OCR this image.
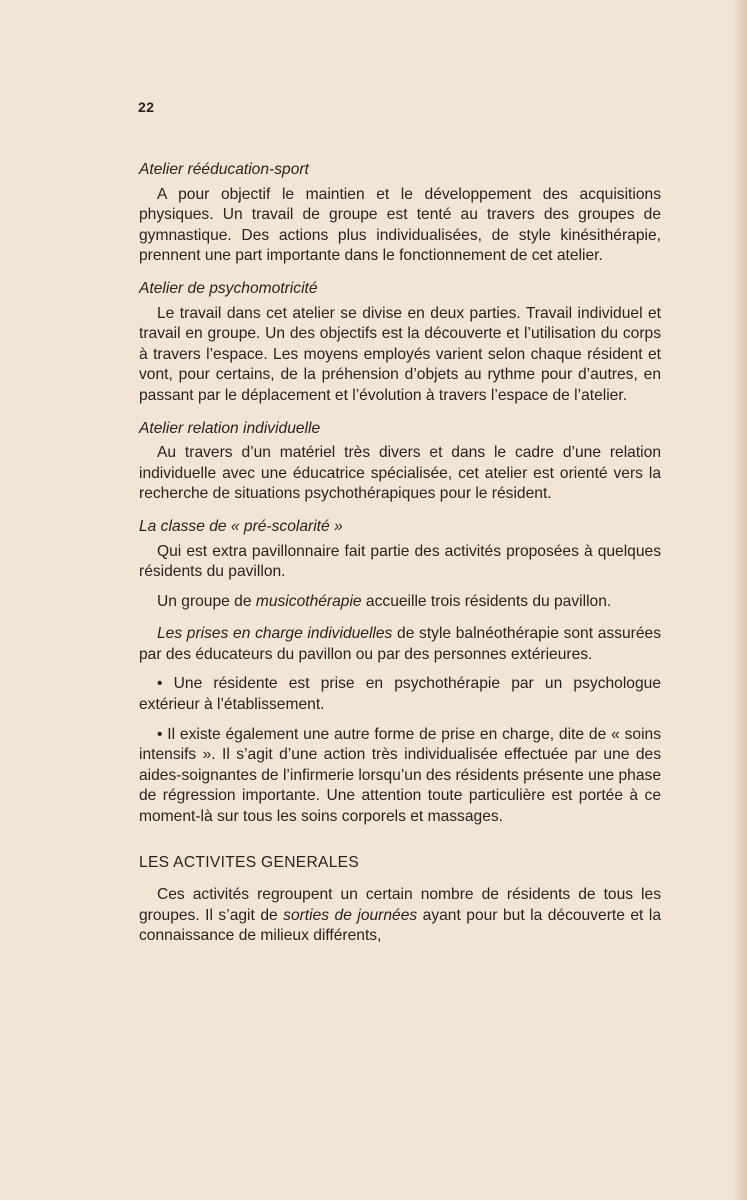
22
Atelier rééducation-sport

A pour objectif le maintien et le développement des acquisitions physiques. Un travail de groupe est tenté au travers des groupes de gymnastique. Des actions plus individualisées, de style kinésithérapie, prennent une part importante dans le fonctionnement de cet atelier.

Atelier de psychomotricité

Le travail dans cet atelier se divise en deux parties. Travail individuel et travail en groupe. Un des objectifs est la découverte et l’utilisation du corps à travers l’espace. Les moyens employés varient selon chaque résident et vont, pour certains, de la préhension d’objets au rythme pour d’autres, en passant par le déplacement et l’évolution à travers l’espace de l’atelier.

Atelier relation individuelle

Au travers d’un matériel très divers et dans le cadre d’une relation individuelle avec une éducatrice spécialisée, cet atelier est orienté vers la recherche de situations psychothérapiques pour le résident.

La classe de « pré-scolarité »

Qui est extra pavillonnaire fait partie des activités proposées à quelques résidents du pavillon.

Un groupe de musicothérapie accueille trois résidents du pavillon.

Les prises en charge individuelles de style balnéothérapie sont assurées par des éducateurs du pavillon ou par des personnes extérieures.

• Une résidente est prise en psychothérapie par un psychologue extérieur à l’établissement.

• Il existe également une autre forme de prise en charge, dite de « soins intensifs ». Il s’agit d’une action très individualisée effectuée par une des aides-soignantes de l’infirmerie lorsqu’un des résidents présente une phase de régression importante. Une attention toute particulière est portée à ce moment-là sur tous les soins corporels et massages.

LES ACTIVITES GENERALES

Ces activités regroupent un certain nombre de résidents de tous les groupes. Il s’agit de sorties de journées ayant pour but la découverte et la connaissance de milieux différents,
